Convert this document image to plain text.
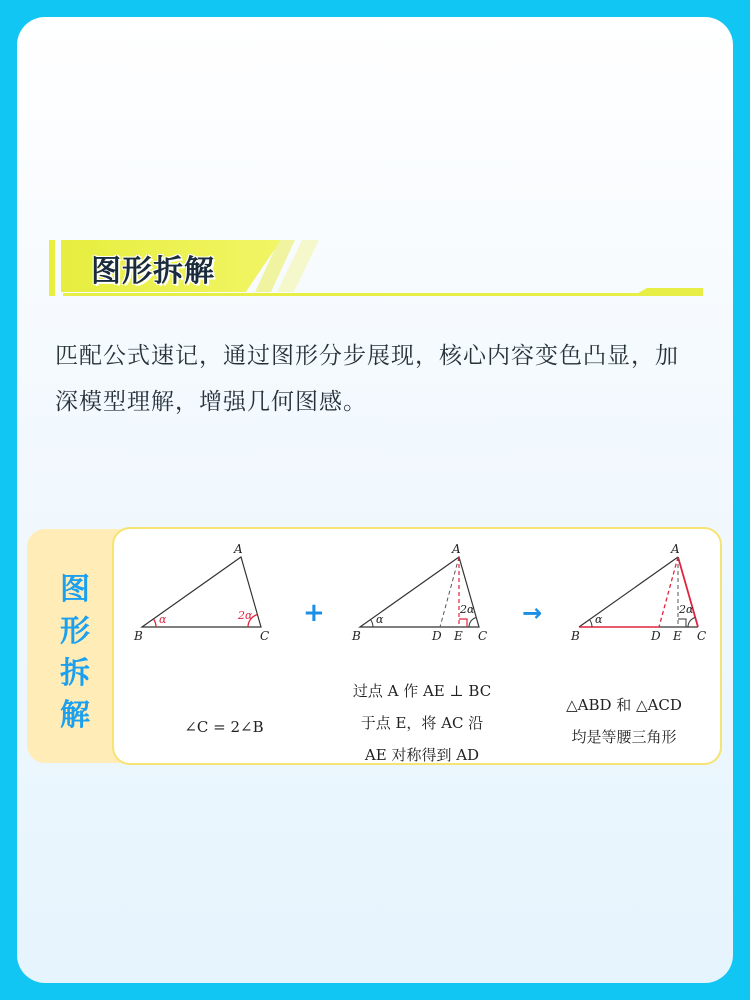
图形拆解
匹配公式速记，通过图形分步展现，核心内容变色凸显，加深模型理解，增强几何图感。
图形拆解
A
B	C
α	2α +
A
B	D E C
α
2α →
A
B	D E C
α
2α
∠C = 2∠B
过点 A 作 AE ⊥ BC
于点 E，将 AC 沿
AE 对称得到 AD
△ABD 和 △ACD
均是等腰三角形
